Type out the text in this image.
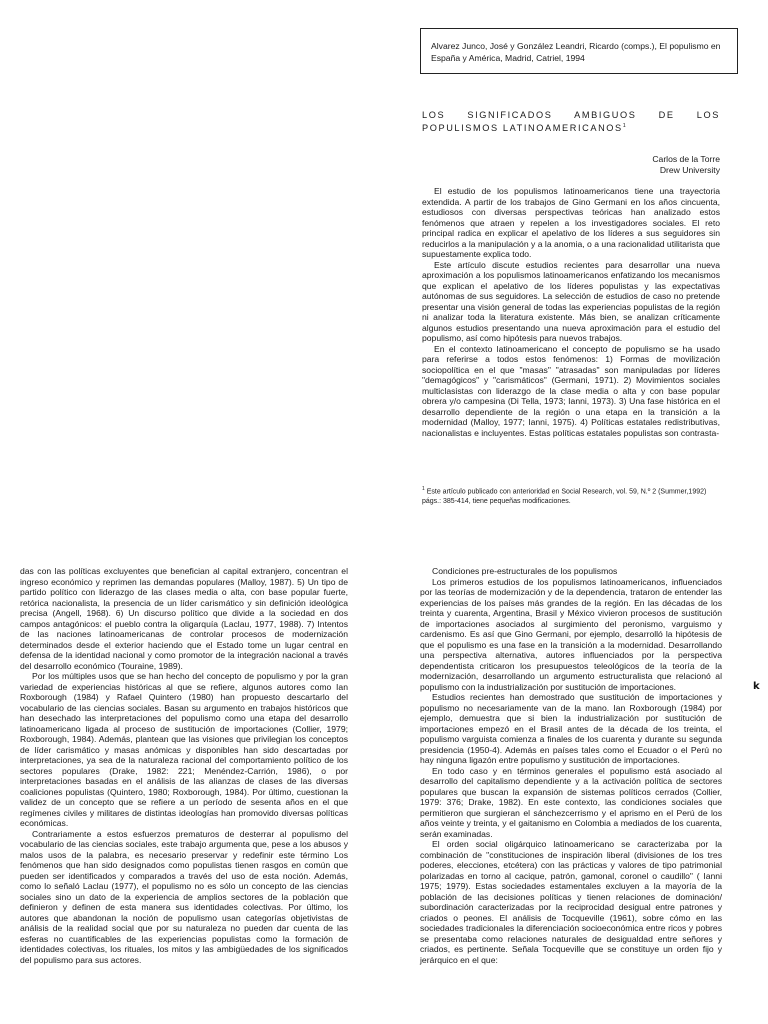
Alvarez Junco, José y González Leandri, Ricardo (comps.), El populismo en España y América, Madrid, Catriel, 1994
LOS SIGNIFICADOS AMBIGUOS DE LOS POPULISMOS LATINOAMERICANOS$^1$
Carlos de la Torre
Drew University

El estudio de los populismos latinoamericanos tiene una trayectoria extendida. A partir de los trabajos de Gino Germani en los años cincuenta, estudiosos con diversas perspectivas teóricas han analizado estos fenómenos que atraen y repelen a los investigadores sociales. El reto principal radica en explicar el apelativo de los líderes a sus seguidores sin reducirlos a la manipulación y a la anomia, o a una racionalidad utilitarista que supuestamente explica todo.

Este artículo discute estudios recientes para desarrollar una nueva aproximación a los populismos latinoamericanos enfatizando los mecanismos que explican el apelativo de los líderes populistas y las expectativas autónomas de sus seguidores. La selección de estudios de caso no pretende presentar una visión general de todas las experiencias populistas de la región ni analizar toda la literatura existente. Más bien, se analizan críticamente algunos estudios presentando una nueva aproximación para el estudio del populismo, así como hipótesis para nuevos trabajos.

En el contexto latinoamericano el concepto de populismo se ha usado para referirse a todos estos fenómenos: 1) Formas de movilización sociopolítica en el que "masas" "atrasadas" son manipuladas por líderes "demagógicos" y "carismáticos" (Germani, 1971). 2) Movimientos sociales multiclasistas con liderazgo de la clase media o alta y con base popular obrera y/o campesina (Di Tella, 1973; Ianni, 1973). 3) Una fase histórica en el desarrollo dependiente de la región o una etapa en la transición a la modernidad (Malloy, 1977; Ianni, 1975). 4) Políticas estatales redistributivas, nacionalistas e incluyentes. Estas políticas estatales populistas son contrasta-

$^1$ Este artículo publicado con anterioridad en Social Research, vol. 59, N.º 2 (Summer,1992) págs.: 385-414, tiene pequeñas modificaciones.

das con las políticas excluyentes que benefician al capital extranjero, concentran el ingreso económico y reprimen las demandas populares (Malloy, 1987). 5) Un tipo de partido político con liderazgo de las clases media o alta, con base popular fuerte, retórica nacionalista, la presencia de un líder carismático y sin definición ideológica precisa (Angell, 1968). 6) Un discurso político que divide a la sociedad en dos campos antagónicos: el pueblo contra la oligarquía (Laclau, 1977, 1988). 7) Intentos de las naciones latinoamericanas de controlar procesos de modernización determinados desde el exterior haciendo que el Estado tome un lugar central en defensa de la identidad nacional y como promotor de la integración nacional a través del desarrollo económico (Touraine, 1989).

Por los múltiples usos que se han hecho del concepto de populismo y por la gran variedad de experiencias históricas al que se refiere, algunos autores como Ian Roxborough (1984) y Rafael Quintero (1980) han propuesto descartarlo del vocabulario de las ciencias sociales. Basan su argumento en trabajos históricos que han desechado las interpretaciones del populismo como una etapa del desarrollo latinoamericano ligada al proceso de sustitución de importaciones (Collier, 1979; Roxborough, 1984). Además, plantean que las visiones que privilegian los conceptos de líder carismático y masas anómicas y disponibles han sido descartadas por interpretaciones, ya sea de la naturaleza racional del comportamiento político de los sectores populares (Drake, 1982: 221; Menéndez-Carrión, 1986), o por interpretaciones basadas en el análisis de las alianzas de clases de las diversas coaliciones populistas (Quintero, 1980; Roxborough, 1984). Por último, cuestionan la validez de un concepto que se refiere a un período de sesenta años en el que regímenes civiles y militares de distintas ideologías han promovido diversas políticas económicas.

Contrariamente a estos esfuerzos prematuros de desterrar al populismo del vocabulario de las ciencias sociales, este trabajo argumenta que, pese a los abusos y malos usos de la palabra, es necesario preservar y redefinir este término Los fenómenos que han sido designados como populistas tienen rasgos en común que pueden ser identificados y comparados a través del uso de esta noción. Además, como lo señaló Laclau (1977), el populismo no es sólo un concepto de las ciencias sociales sino un dato de la experiencia de amplios sectores de la población que definieron y definen de esta manera sus identidades colectivas. Por último, los autores que abandonan la noción de populismo usan categorías objetivistas de análisis de la realidad social que por su naturaleza no pueden dar cuenta de las esferas no cuantificables de las experiencias populistas como la formación de identidades colectivas, los rituales, los mitos y las ambigüedades de los significados del populismo para sus actores.

Condiciones pre-estructurales de los populismos

Los primeros estudios de los populismos latinoamericanos, influenciados por las teorías de modernización y de la dependencia, trataron de entender las experiencias de los países más grandes de la región. En las décadas de los treinta y cuarenta, Argentina, Brasil y México vivieron procesos de sustitución de importaciones asociados al surgimiento del peronismo, varguismo y cardenismo. Es así que Gino Germani, por ejemplo, desarrolló la hipótesis de que el populismo es una fase en la transición a la modernidad. Desarrollando una perspectiva alternativa, autores influenciados por la perspectiva dependentista criticaron los presupuestos teleológicos de la teoría de la modernización, desarrollando un argumento estructuralista que relacionó al populismo con la industrialización por sustitución de importaciones.

Estudios recientes han demostrado que sustitución de importaciones y populismo no necesariamente van de la mano. Ian Roxborough (1984) por ejemplo, demuestra que si bien la industrialización por sustitución de importaciones empezó en el Brasil antes de la década de los treinta, el populismo varguista comienza a finales de los cuarenta y durante su segunda presidencia (1950-4). Además en países tales como el Ecuador o el Perú no hay ninguna ligazón entre populismo y sustitución de importaciones.

En todo caso y en términos generales el populismo está asociado al desarrollo del capitalismo dependiente y a la activación política de sectores populares que buscan la expansión de sistemas políticos cerrados (Collier, 1979: 376; Drake, 1982). En este contexto, las condiciones sociales que permitieron que surgieran el sánchezcerrismo y el aprismo en el Perú de los años veinte y treinta, y el gaitanismo en Colombia a mediados de los cuarenta, serán examinadas.

El orden social oligárquico latinoamericano se caracterizaba por la combinación de "constituciones de inspiración liberal (divisiones de los tres poderes, elecciones, etcétera) con las prácticas y valores de tipo patrimonial polarizadas en torno al cacique, patrón, gamonal, coronel o caudillo" ( Ianni 1975; 1979). Estas sociedades estamentales excluyen a la mayoría de la población de las decisiones políticas y tienen relaciones de dominación/ subordinación caracterizadas por la reciprocidad desigual entre patrones y criados o peones. El análisis de Tocqueville (1961), sobre cómo en las sociedades tradicionales la diferenciación socioeconómica entre ricos y pobres se presentaba como relaciones naturales de desigualdad entre señores y criados, es pertinente. Señala Tocqueville que se constituye un orden fijo y jerárquico en el que:

k
